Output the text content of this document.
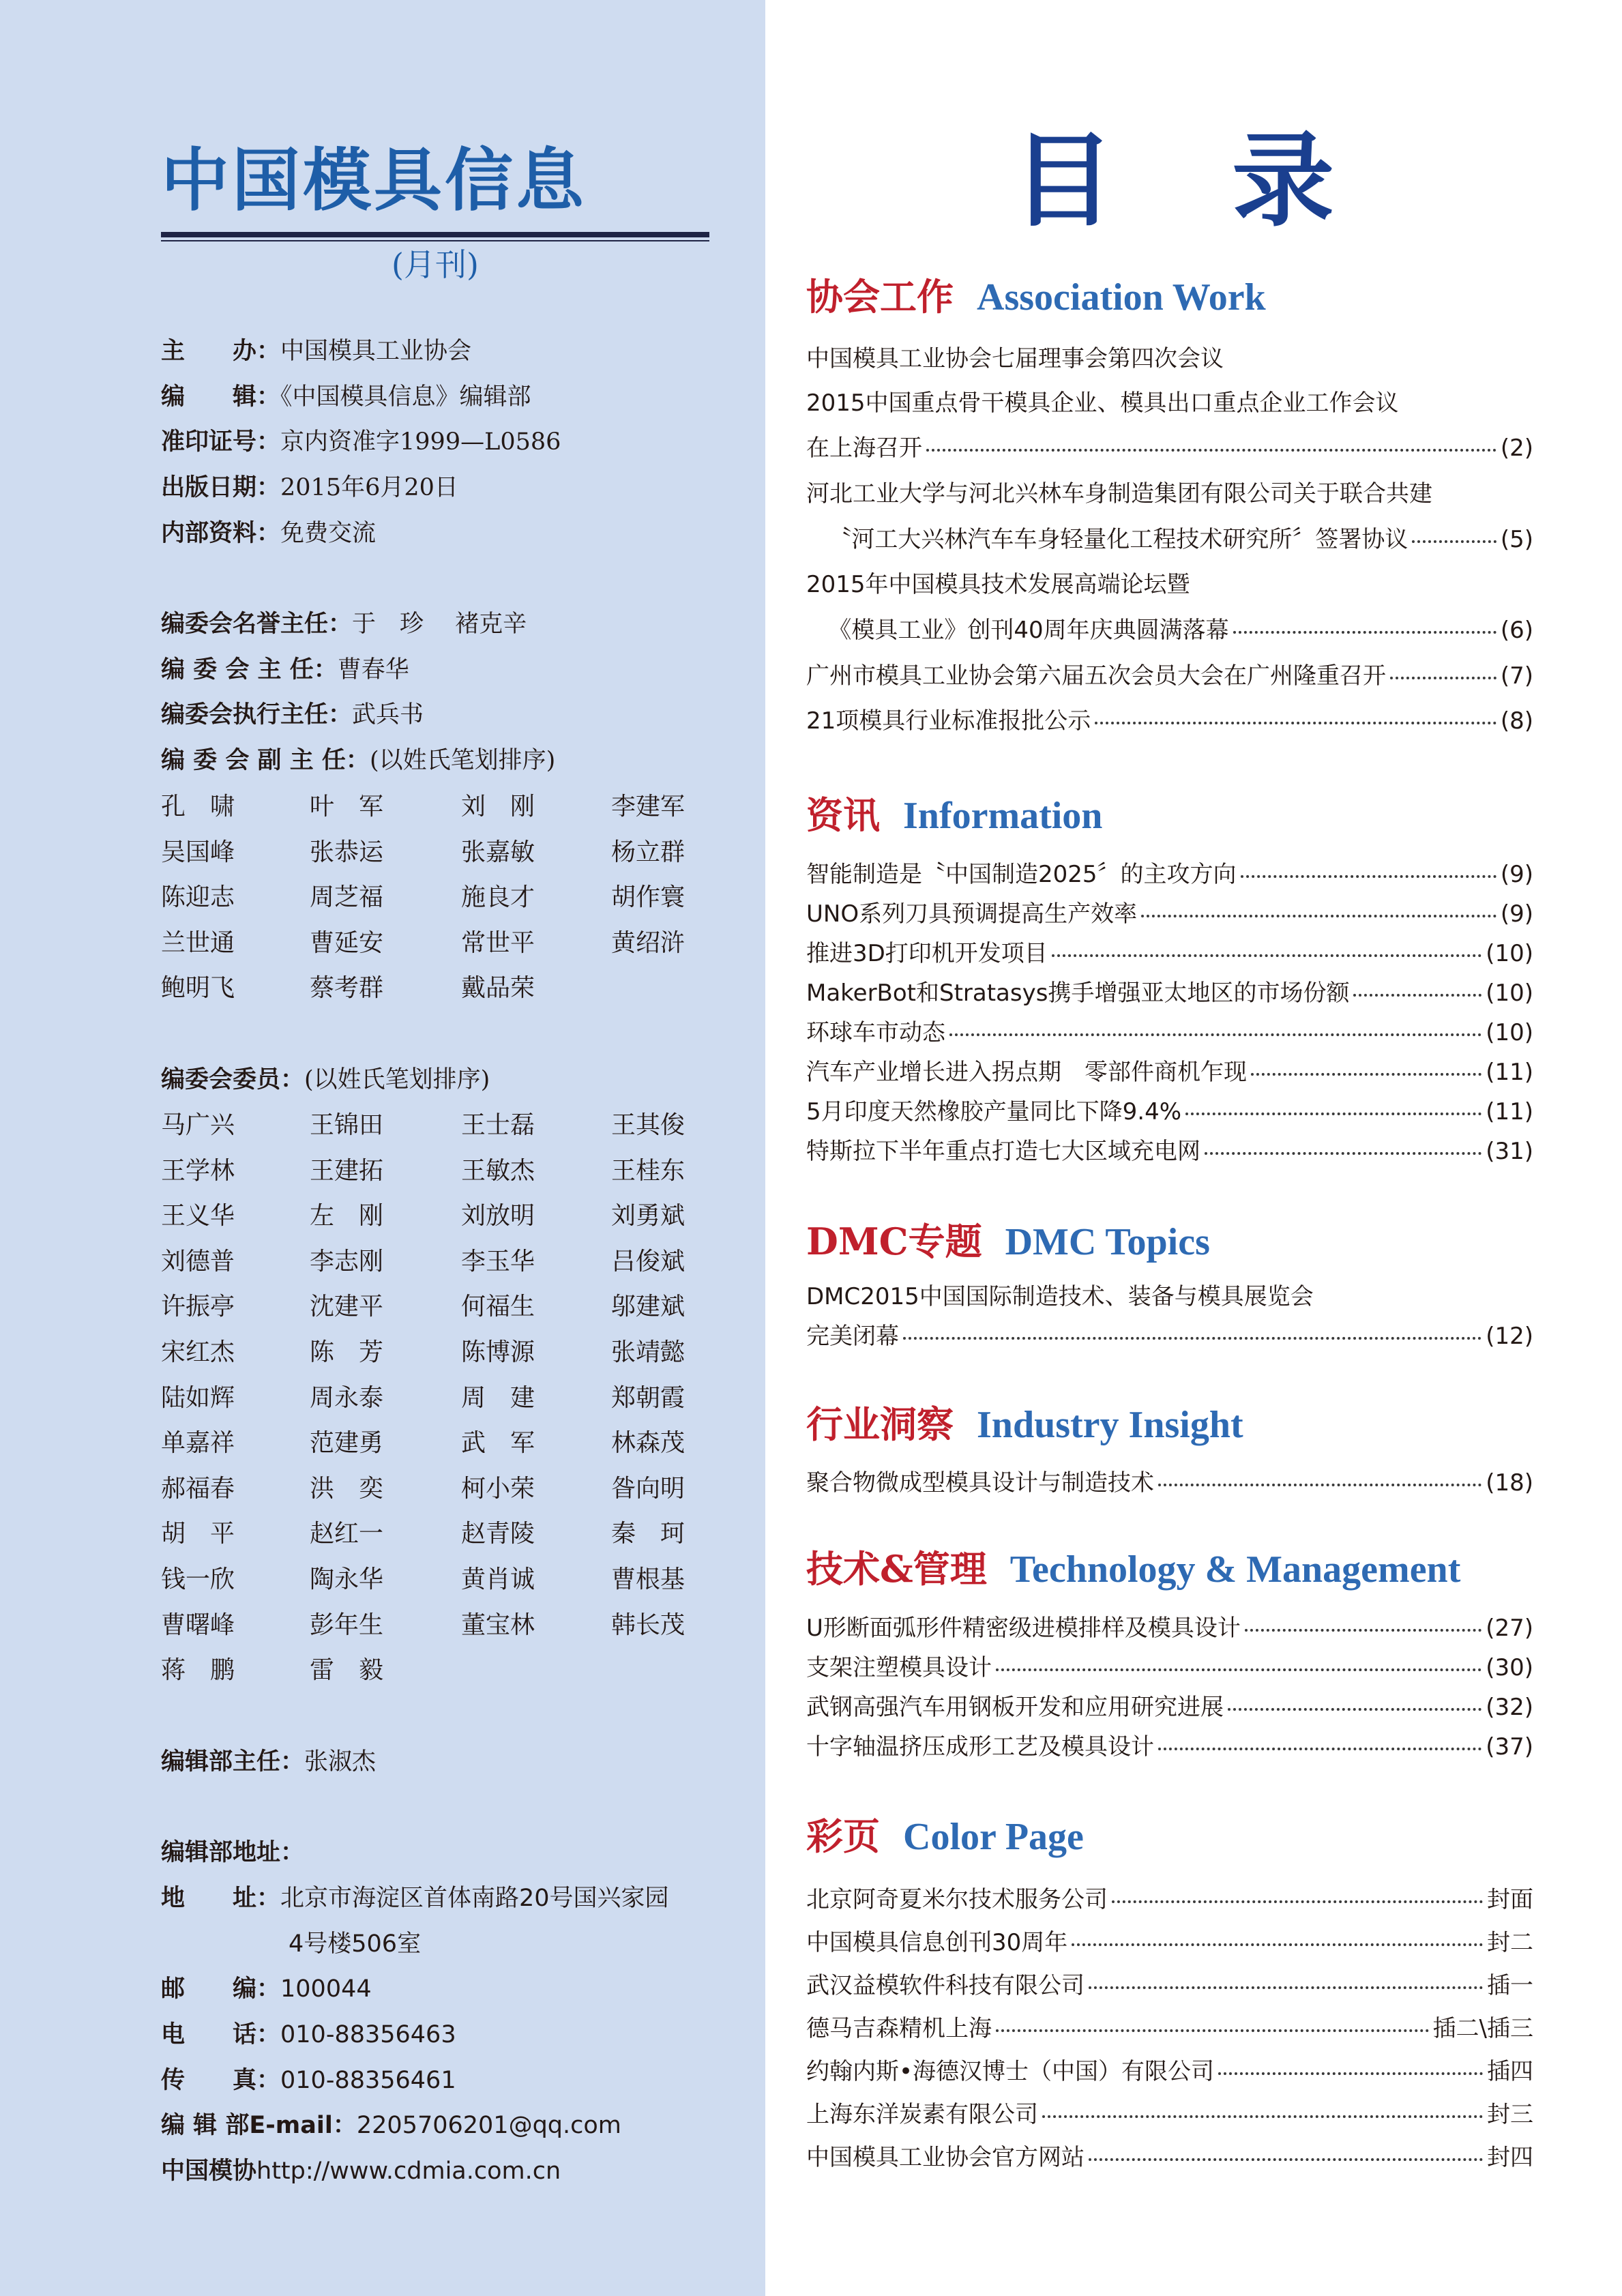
中国模具信息
(月刊)
主　　办：中国模具工业协会
编　　辑：《中国模具信息》编辑部
准印证号：京内资准字1999—L0586
出版日期：2015年6月20日
内部资料：免费交流
编委会名誉主任：于　珍　 褚克辛
编 委 会 主 任：曹春华
编委会执行主任：武兵书
编 委 会 副 主 任：(以姓氏笔划排序)
孔　啸	叶　军	刘　刚	李建军
吴国峰	张恭运	张嘉敏	杨立群
陈迎志	周芝福	施良才	胡作寰
兰世通	曹延安	常世平	黄绍浒
鲍明飞	蔡考群	戴品荣
编委会委员：(以姓氏笔划排序)
马广兴	王锦田	王士磊	王其俊
王学林	王建拓	王敏杰	王桂东
王义华	左　刚	刘放明	刘勇斌
刘德普	李志刚	李玉华	吕俊斌
许振亭	沈建平	何福生	邬建斌
宋红杰	陈　芳	陈博源	张靖懿
陆如辉	周永泰	周　建	郑朝霞
单嘉祥	范建勇	武　军	林森茂
郝福春	洪　奕	柯小荣	昝向明
胡　平	赵红一	赵青陵	秦　珂
钱一欣	陶永华	黄肖诚	曹根基
曹曙峰	彭年生	董宝林	韩长茂
蒋　鹏	雷　毅
编辑部主任：张淑杰
编辑部地址：
地　　址：北京市海淀区首体南路20号国兴家园
4号楼506室
邮　　编：100044
电　　话：010-88356463
传　　真：010-88356461
编 辑 部E-mail：2205706201@qq.com
中国模协http://www.cdmia.com.cn
目 录
协会工作 Association Work
中国模具工业协会七届理事会第四次会议
2015中国重点骨干模具企业、模具出口重点企业工作会议
在上海召开	(2)
河北工业大学与河北兴林车身制造集团有限公司关于联合共建
〝河工大兴林汽车车身轻量化工程技术研究所〞签署协议	(5)
2015年中国模具技术发展高端论坛暨
《模具工业》创刊40周年庆典圆满落幕	(6)
广州市模具工业协会第六届五次会员大会在广州隆重召开	(7)
21项模具行业标准报批公示	(8)
资讯 Information
智能制造是〝中国制造2025〞的主攻方向	(9)
UNO系列刀具预调提高生产效率	(9)
推进3D打印机开发项目	(10)
MakerBot和Stratasys携手增强亚太地区的市场份额	(10)
环球车市动态	(10)
汽车产业增长进入拐点期　零部件商机乍现	(11)
5月印度天然橡胶产量同比下降9.4%	(11)
特斯拉下半年重点打造七大区域充电网	(31)
DMC专题 DMC Topics
DMC2015中国国际制造技术、装备与模具展览会
完美闭幕	(12)
行业洞察 Industry Insight
聚合物微成型模具设计与制造技术	(18)
技术&管理 Technology & Management
U形断面弧形件精密级进模排样及模具设计	(27)
支架注塑模具设计	(30)
武钢高强汽车用钢板开发和应用研究进展	(32)
十字轴温挤压成形工艺及模具设计	(37)
彩页 Color Page
北京阿奇夏米尔技术服务公司	封面
中国模具信息创刊30周年	封二
武汉益模软件科技有限公司	插一
德马吉森精机上海	插二\插三
约翰内斯•海德汉博士（中国）有限公司	插四
上海东洋炭素有限公司	封三
中国模具工业协会官方网站	封四
